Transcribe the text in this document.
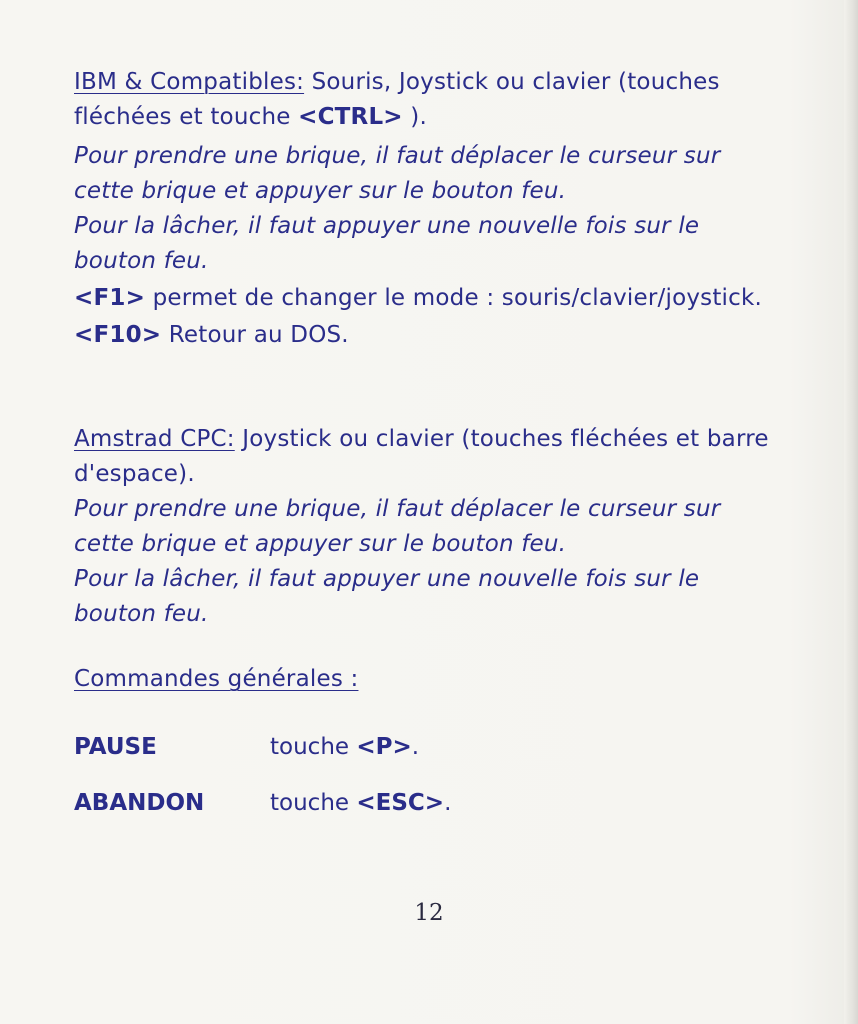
IBM & Compatibles: Souris, Joystick ou clavier (touches fléchées et touche <CTRL> ).

Pour prendre une brique, il faut déplacer le curseur sur cette brique et appuyer sur le bouton feu.

Pour la lâcher, il faut appuyer une nouvelle fois sur le bouton feu.

<F1> permet de changer le mode : souris/clavier/joystick.

<F10> Retour au DOS.

Amstrad CPC: Joystick ou clavier (touches fléchées et barre d'espace).

Pour prendre une brique, il faut déplacer le curseur sur cette brique et appuyer sur le bouton feu.

Pour la lâcher, il faut appuyer une nouvelle fois sur le bouton feu.

Commandes générales :

PAUSE	touche <P>.
ABANDON	touche <ESC>.
12
